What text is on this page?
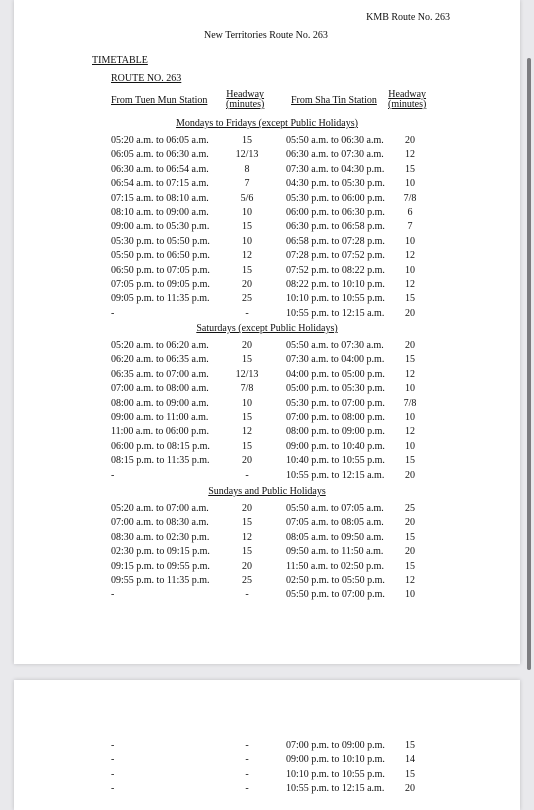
KMB Route No. 263
New Territories Route No. 263
TIMETABLE
ROUTE NO. 263
From Tuen Mun Station
Headway
(minutes)	From Sha Tin Station
Headway
(minutes)
Mondays to Fridays (except Public Holidays)
05:20 a.m. to 06:05 a.m.	15	05:50 a.m. to 06:30 a.m.	20
06:05 a.m. to 06:30 a.m.	12/13	06:30 a.m. to 07:30 a.m.	12
06:30 a.m. to 06:54 a.m.	8	07:30 a.m. to 04:30 p.m.	15
06:54 a.m. to 07:15 a.m.	7	04:30 p.m. to 05:30 p.m.	10
07:15 a.m. to 08:10 a.m.	5/6	05:30 p.m. to 06:00 p.m.	7/8
08:10 a.m. to 09:00 a.m.	10	06:00 p.m. to 06:30 p.m.	6
09:00 a.m. to 05:30 p.m.	15	06:30 p.m. to 06:58 p.m.	7
05:30 p.m. to 05:50 p.m.	10	06:58 p.m. to 07:28 p.m.	10
05:50 p.m. to 06:50 p.m.	12	07:28 p.m. to 07:52 p.m.	12
06:50 p.m. to 07:05 p.m.	15	07:52 p.m. to 08:22 p.m.	10
07:05 p.m. to 09:05 p.m.	20	08:22 p.m. to 10:10 p.m.	12
09:05 p.m. to 11:35 p.m.	25	10:10 p.m. to 10:55 p.m.	15
-	-	10:55 p.m. to 12:15 a.m.	20
Saturdays (except Public Holidays)
05:20 a.m. to 06:20 a.m.	20	05:50 a.m. to 07:30 a.m.	20
06:20 a.m. to 06:35 a.m.	15	07:30 a.m. to 04:00 p.m.	15
06:35 a.m. to 07:00 a.m.	12/13	04:00 p.m. to 05:00 p.m.	12
07:00 a.m. to 08:00 a.m.	7/8	05:00 p.m. to 05:30 p.m.	10
08:00 a.m. to 09:00 a.m.	10	05:30 p.m. to 07:00 p.m.	7/8
09:00 a.m. to 11:00 a.m.	15	07:00 p.m. to 08:00 p.m.	10
11:00 a.m. to 06:00 p.m.	12	08:00 p.m. to 09:00 p.m.	12
06:00 p.m. to 08:15 p.m.	15	09:00 p.m. to 10:40 p.m.	10
08:15 p.m. to 11:35 p.m.	20	10:40 p.m. to 10:55 p.m.	15
-	-	10:55 p.m. to 12:15 a.m.	20
Sundays and Public Holidays
05:20 a.m. to 07:00 a.m.	20	05:50 a.m. to 07:05 a.m.	25
07:00 a.m. to 08:30 a.m.	15	07:05 a.m. to 08:05 a.m.	20
08:30 a.m. to 02:30 p.m.	12	08:05 a.m. to 09:50 a.m.	15
02:30 p.m. to 09:15 p.m.	15	09:50 a.m. to 11:50 a.m.	20
09:15 p.m. to 09:55 p.m.	20	11:50 a.m. to 02:50 p.m.	15
09:55 p.m. to 11:35 p.m.	25	02:50 p.m. to 05:50 p.m.	12
-	-	05:50 p.m. to 07:00 p.m.	10
-	-	07:00 p.m. to 09:00 p.m.	15
-	-	09:00 p.m. to 10:10 p.m.	14
-	-	10:10 p.m. to 10:55 p.m.	15
-	-	10:55 p.m. to 12:15 a.m.	20
